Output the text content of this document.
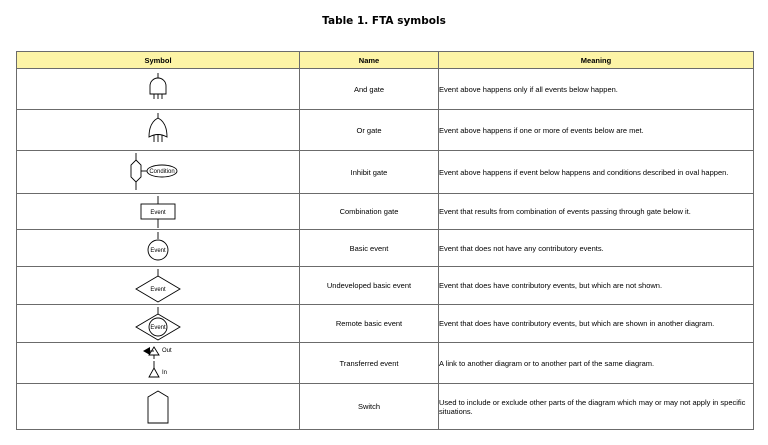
Table 1. FTA symbols
Symbol	Name	Meaning

	And gate	Event above happens only if all events below happen.

	Or gate	Event above happens if one or more of events below are met.

Condition	Inhibit gate	Event above happens if event below happens and conditions described in oval happen.

Event	Combination gate	Event that results from combination of events passing through gate below it.

Event	Basic event	Event that does not have any contributory events.

Event	Undeveloped basic event	Event that does have contributory events, but which are not shown.

Event	Remote basic event	Event that does have contributory events, but which are shown in another diagram.

Out
In	Transferred event	A link to another diagram or to another part of the same diagram.

	Switch	Used to include or exclude other parts of the diagram which may or may not apply in specific situations.
